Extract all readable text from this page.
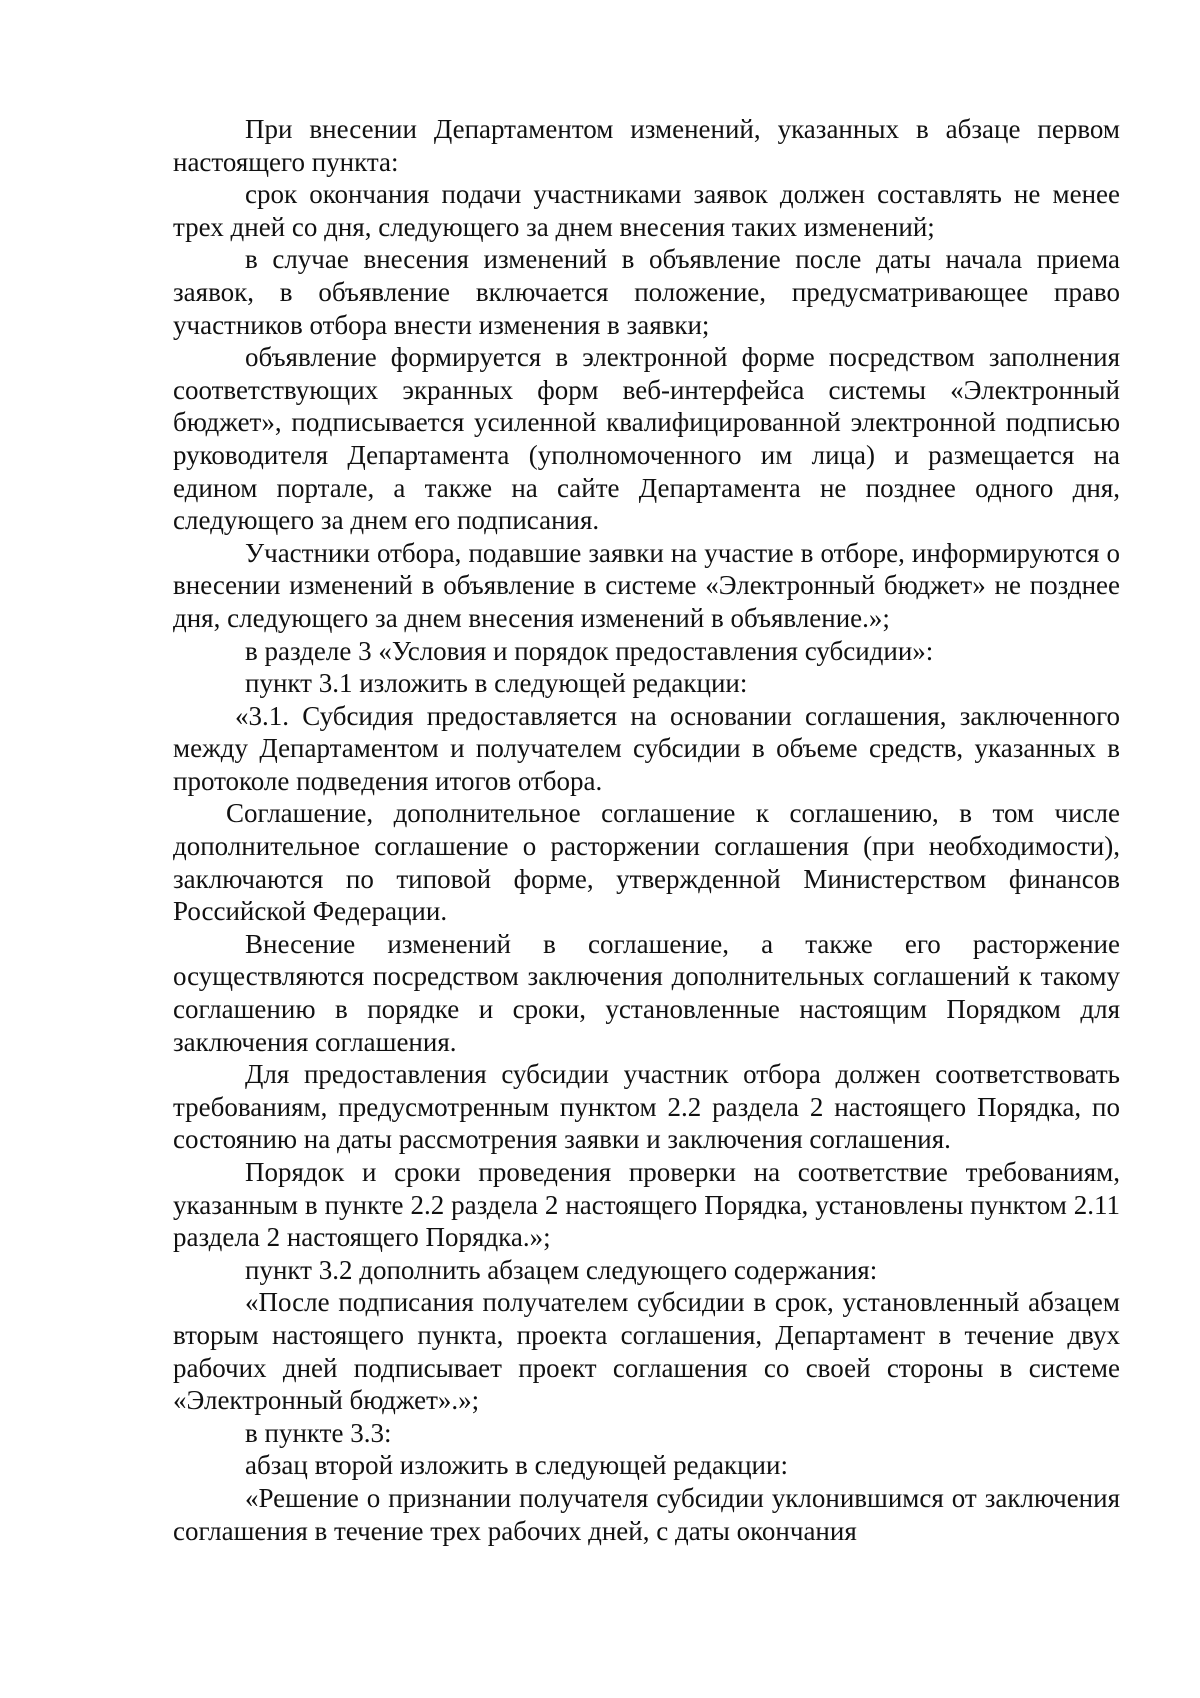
При внесении Департаментом изменений, указанных в абзаце первом настоящего пункта:

срок окончания подачи участниками заявок должен составлять не менее трех дней со дня, следующего за днем внесения таких изменений;

в случае внесения изменений в объявление после даты начала приема заявок, в объявление включается положение, предусматривающее право участников отбора внести изменения в заявки;

объявление формируется в электронной форме посредством заполнения соответствующих экранных форм веб-интерфейса системы «Электронный бюджет», подписывается усиленной квалифицированной электронной подписью руководителя Департамента (уполномоченного им лица) и размещается на едином портале, а также на сайте Департамента не позднее одного дня, следующего за днем его подписания.

Участники отбора, подавшие заявки на участие в отборе, информируются о внесении изменений в объявление в системе «Электронный бюджет» не позднее дня, следующего за днем внесения изменений в объявление.»;

в разделе 3 «Условия и порядок предоставления субсидии»:

пункт 3.1 изложить в следующей редакции:

«3.1. Субсидия предоставляется на основании соглашения, заключенного между Департаментом и получателем субсидии в объеме средств, указанных в протоколе подведения итогов отбора.

Соглашение, дополнительное соглашение к соглашению, в том числе дополнительное соглашение о расторжении соглашения (при необходимости), заключаются по типовой форме, утвержденной Министерством финансов Российской Федерации.

Внесение изменений в соглашение, а также его расторжение осуществляются посредством заключения дополнительных соглашений к такому соглашению в порядке и сроки, установленные настоящим Порядком для заключения соглашения.

Для предоставления субсидии участник отбора должен соответствовать требованиям, предусмотренным пунктом 2.2 раздела 2 настоящего Порядка, по состоянию на даты рассмотрения заявки и заключения соглашения.

Порядок и сроки проведения проверки на соответствие требованиям, указанным в пункте 2.2 раздела 2 настоящего Порядка, установлены пунктом 2.11 раздела 2 настоящего Порядка.»;

пункт 3.2 дополнить абзацем следующего содержания:

«После подписания получателем субсидии в срок, установленный абзацем вторым настоящего пункта, проекта соглашения, Департамент в течение двух рабочих дней подписывает проект соглашения со своей стороны в системе «Электронный бюджет».»;

в пункте 3.3:

абзац второй изложить в следующей редакции:

«Решение о признании получателя субсидии уклонившимся от заключения соглашения в течение трех рабочих дней, с даты окончания
